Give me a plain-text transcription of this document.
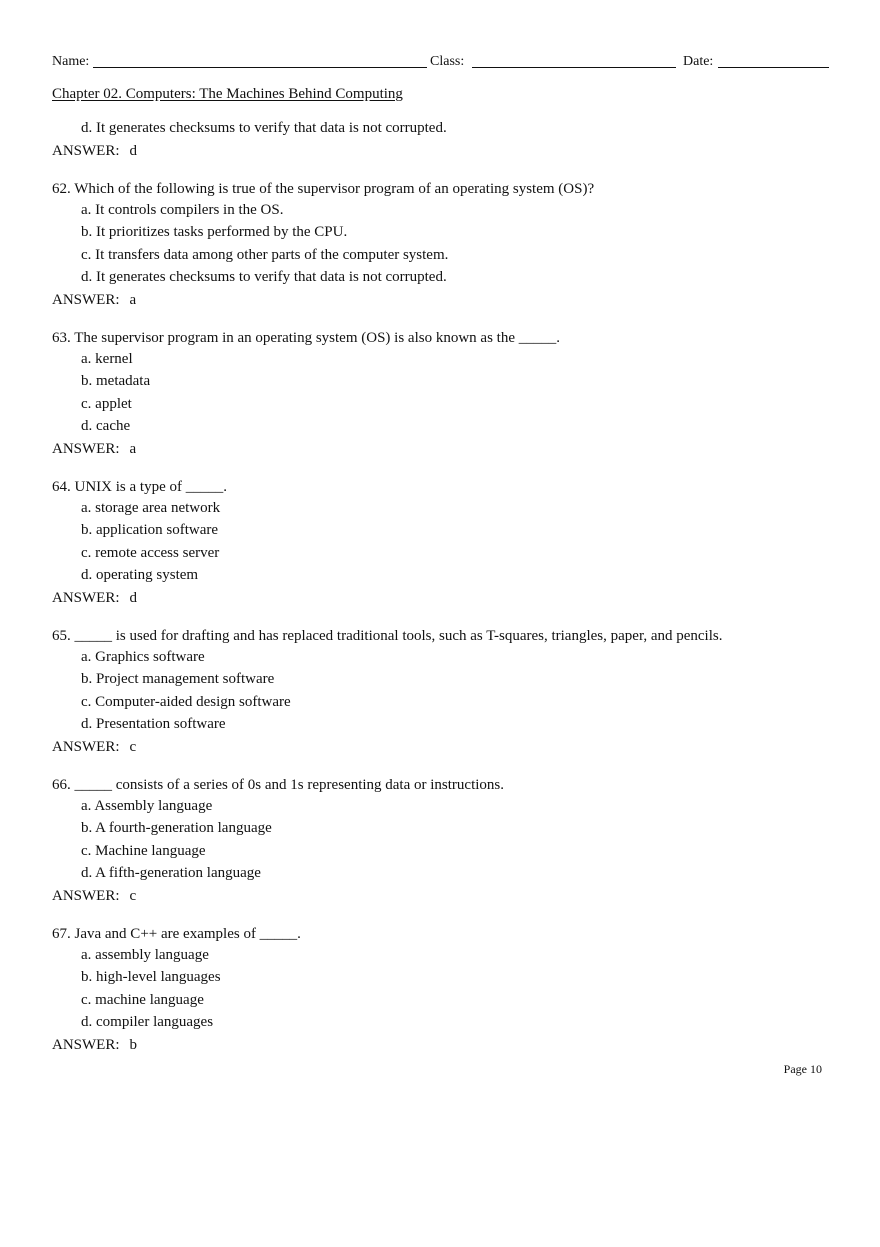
Name:	Class:	Date:
Chapter 02. Computers: The Machines Behind Computing
d. It generates checksums to verify that data is not corrupted.
ANSWER: d
62. Which of the following is true of the supervisor program of an operating system (OS)?
a. It controls compilers in the OS.
b. It prioritizes tasks performed by the CPU.
c. It transfers data among other parts of the computer system.
d. It generates checksums to verify that data is not corrupted.
ANSWER: a
63. The supervisor program in an operating system (OS) is also known as the _____.
a. kernel
b. metadata
c. applet
d. cache
ANSWER: a
64. UNIX is a type of _____.
a. storage area network
b. application software
c. remote access server
d. operating system
ANSWER: d
65. _____ is used for drafting and has replaced traditional tools, such as T-squares, triangles, paper, and pencils.
a. Graphics software
b. Project management software
c. Computer-aided design software
d. Presentation software
ANSWER: c
66. _____ consists of a series of 0s and 1s representing data or instructions.
a. Assembly language
b. A fourth-generation language
c. Machine language
d. A fifth-generation language
ANSWER: c
67. Java and C++ are examples of _____.
a. assembly language
b. high-level languages
c. machine language
d. compiler languages
ANSWER: b
Page 10
